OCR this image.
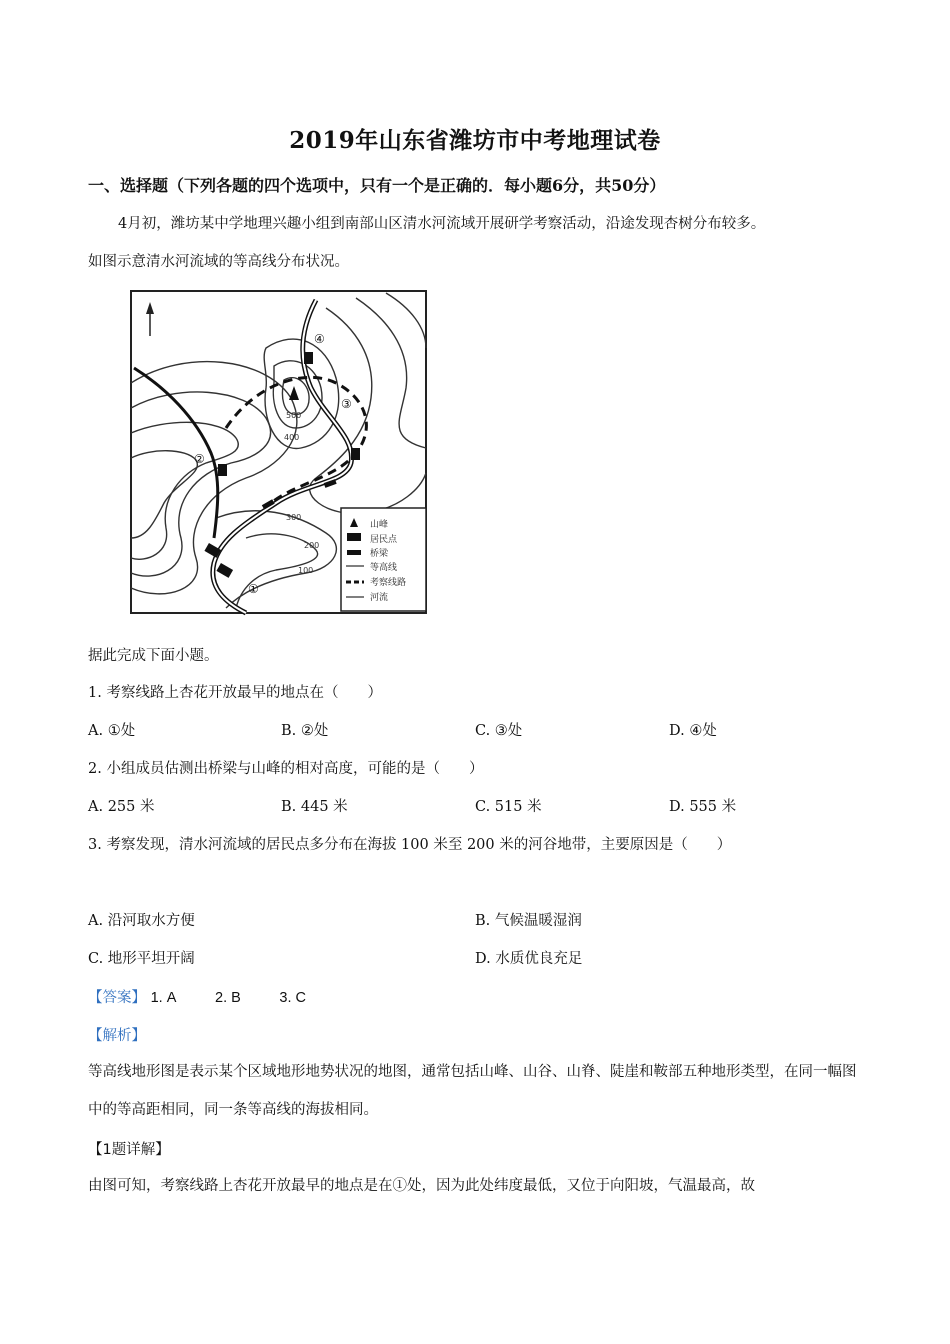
2019年山东省潍坊市中考地理试卷
一、选择题（下列各题的四个选项中，只有一个是正确的．每小题6分，共50分）
4月初，潍坊某中学地理兴趣小组到南部山区清水河流域开展研学考察活动，沿途发现杏树分布较多。
如图示意清水河流域的等高线分布状况。
500
400
300
200
100
①
②
③
④
山峰
居民点
桥梁
等高线
考察线路
河流
据此完成下面小题。
1. 考察线路上杏花开放最早的地点在（　　）
A. ①处	B. ②处	C. ③处	D. ④处
2. 小组成员估测出桥梁与山峰的相对高度，可能的是（　　）
A. 255 米	B. 445 米	C. 515 米	D. 555 米
3. 考察发现，清水河流域的居民点多分布在海拔 100 米至 200 米的河谷地带，主要原因是（　　）
A. 沿河取水方便	B. 气候温暖湿润
C. 地形平坦开阔	D. 水质优良充足
【答案】 1. A	2. B	3. C
【解析】
等高线地形图是表示某个区域地形地势状况的地图，通常包括山峰、山谷、山脊、陡崖和鞍部五种地形类型，在同一幅图中的等高距相同，同一条等高线的海拔相同。
【1题详解】
由图可知，考察线路上杏花开放最早的地点是在①处，因为此处纬度最低，又位于向阳坡，气温最高，故
